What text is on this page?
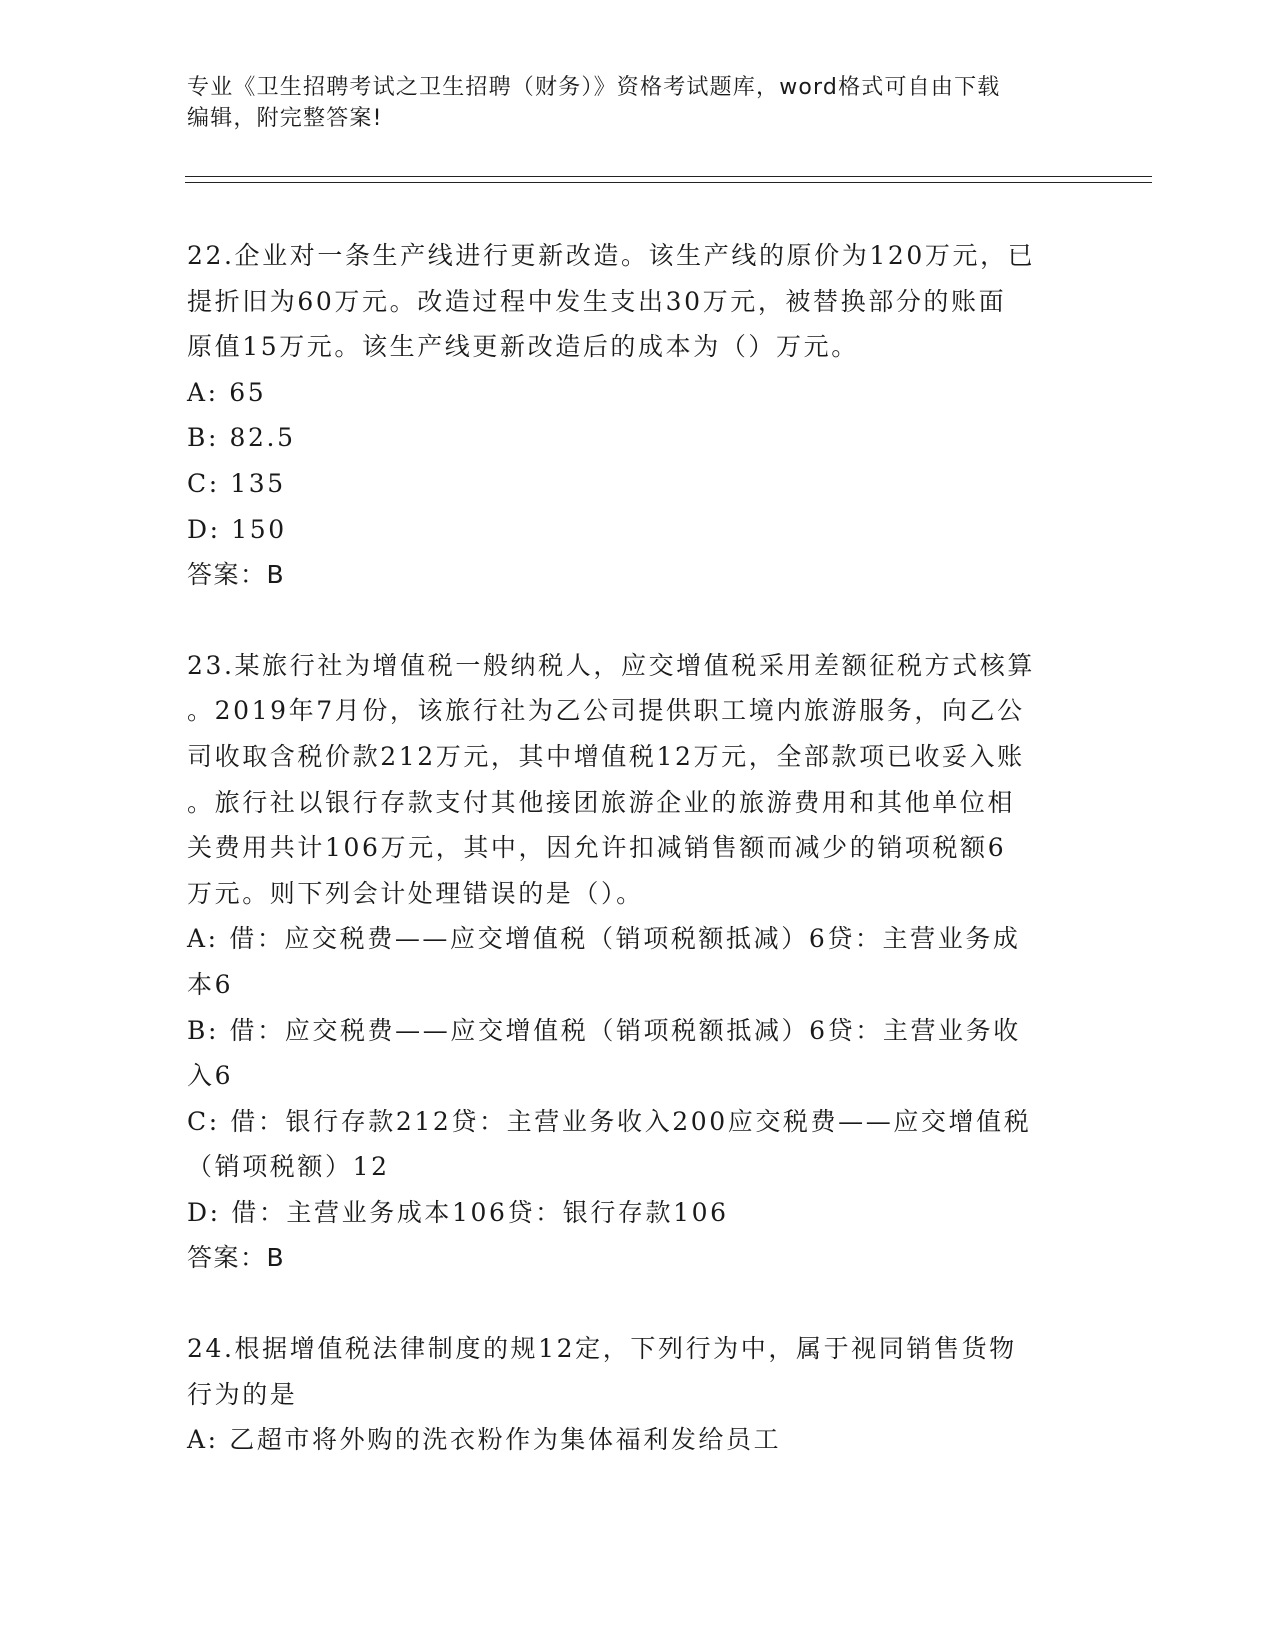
专业《卫生招聘考试之卫生招聘（财务）》资格考试题库，word格式可自由下载
编辑，附完整答案!

22.企业对一条生产线进行更新改造。该生产线的原价为120万元，已

提折旧为60万元。改造过程中发生支出30万元，被替换部分的账面

原值15万元。该生产线更新改造后的成本为（）万元。

A: 65

B: 82.5

C: 135

D: 150

答案：B

23.某旅行社为增值税一般纳税人，应交增值税采用差额征税方式核算

。2019年7月份，该旅行社为乙公司提供职工境内旅游服务，向乙公

司收取含税价款212万元，其中增值税12万元，全部款项已收妥入账

。旅行社以银行存款支付其他接团旅游企业的旅游费用和其他单位相

关费用共计106万元，其中，因允许扣减销售额而减少的销项税额6

万元。则下列会计处理错误的是（）。

A: 借：应交税费——应交增值税（销项税额抵减）6贷：主营业务成

本6

B: 借：应交税费——应交增值税（销项税额抵减）6贷：主营业务收

入6

C: 借：银行存款212贷：主营业务收入200应交税费——应交增值税

（销项税额）12

D: 借：主营业务成本106贷：银行存款106

答案：B

24.根据增值税法律制度的规12定，下列行为中，属于视同销售货物

行为的是

A: 乙超市将外购的洗衣粉作为集体福利发给员工
